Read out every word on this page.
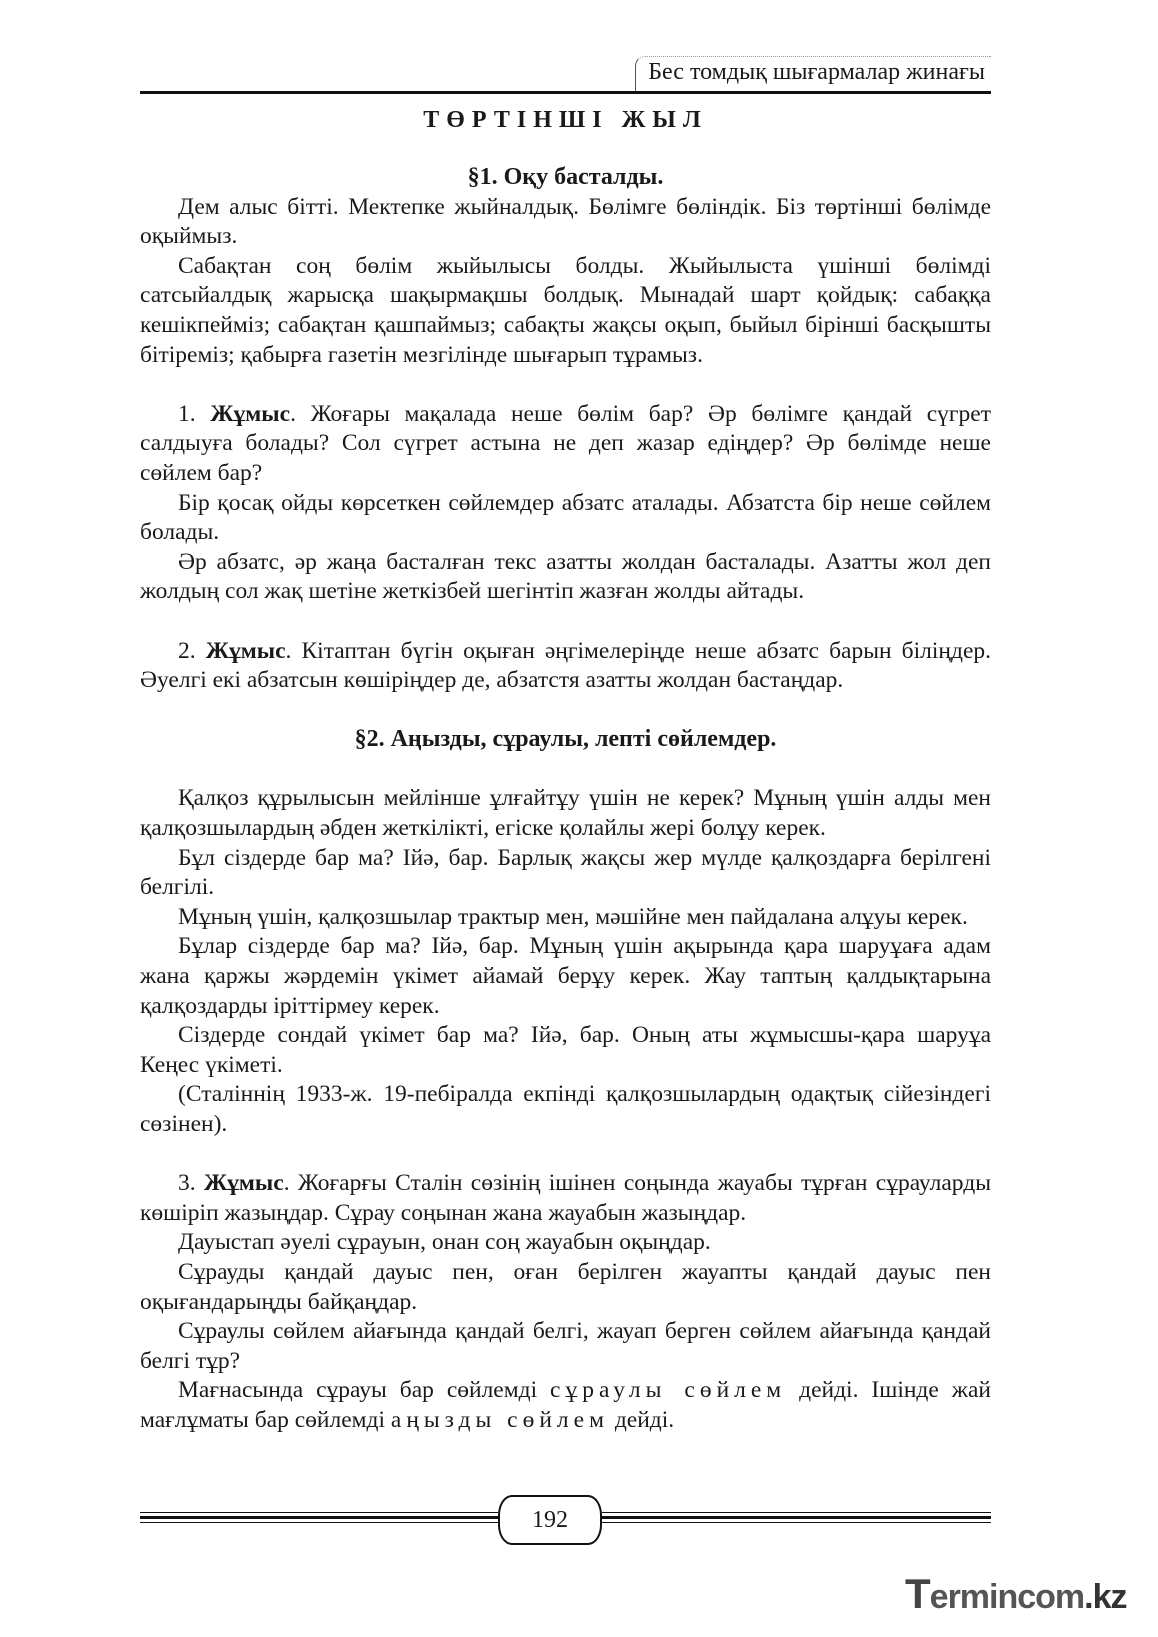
Бес томдық шығармалар жинағы
ТӨРТІНШІ ЖЫЛ
§1. Оқу басталды.

Дем алыс бітті. Мектепке жыйналдық. Бөлімге бөліндік. Біз төртінші бөлімде оқыймыз.

Сабақтан соң бөлім жыйылысы болды. Жыйылыста үшінші бөлімді сатсыйалдық жарысқа шақырмақшы болдық. Мынадай шарт қойдық: сабаққа кешікпейміз; сабақтан қашпаймыз; сабақты жақсы оқып, быйыл бірінші басқышты бітіреміз; қабырға газетін мезгілінде шығарып тұрамыз.

1. Жұмыс. Жоғары мақалада неше бөлім бар? Әр бөлімге қандай сүгрет салдыуға болады? Сол сүгрет астына не деп жазар едіңдер? Әр бөлімде неше сөйлем бар?

Бір қосақ ойды көрсеткен сөйлемдер абзатс аталады. Абзатста бір неше сөйлем болады.

Әр абзатс, әр жаңа басталған текс азатты жолдан басталады. Азатты жол деп жолдың сол жақ шетіне жеткізбей шегінтіп жазған жолды айтады.

2. Жұмыс. Кітаптан бүгін оқыған әңгімелеріңде неше абзатс барын біліңдер. Әуелгі екі абзатсын көшіріңдер де, абзатстя азатты жолдан бастаңдар.

§2. Аңызды, сұраулы, лепті сөйлемдер.

Қалқоз құрылысын мейлінше ұлғайтұу үшін не керек? Мұның үшін алды мен қалқозшылардың әбден жеткілікті, егіске қолайлы жері болұу керек.

Бұл сіздерде бар ма? Ійә, бар. Барлық жақсы жер мүлде қалқоздарға берілгені белгілі.

Мұның үшін, қалқозшылар трактыр мен, мәшійне мен пайдалана алұуы керек.

Бұлар сіздерде бар ма? Ійә, бар. Мұның үшін ақырында қара шаруұаға адам жана қаржы жәрдемін үкімет айамай берұу керек. Жау таптың қалдықтарына қалқоздарды іріттірмеу керек.

Сіздерде сондай үкімет бар ма? Ійә, бар. Оның аты жұмысшы-қара шаруұа Кеңес үкіметі.

(Сталіннің 1933-ж. 19-пебіралда екпінді қалқозшылардың одақтық сійезіндегі сөзінен).

3. Жұмыс. Жоғарғы Сталін сөзінің ішінен соңында жауабы тұрған сұрауларды көшіріп жазыңдар. Сұрау соңынан жана жауабын жазыңдар.

Дауыстап әуелі сұрауын, онан соң жауабын оқыңдар.

Сұрауды қандай дауыс пен, оған берілген жауапты қандай дауыс пен оқығандарыңды байқаңдар.

Сұраулы сөйлем айағында қандай белгі, жауап берген сөйлем айағында қандай белгі тұр?

Мағнасында сұрауы бар сөйлемді сұраулы сөйлем дейді. Ішінде жай мағлұматы бар сөйлемді аңызды сөйлем дейді.

192
Termincom.kz
